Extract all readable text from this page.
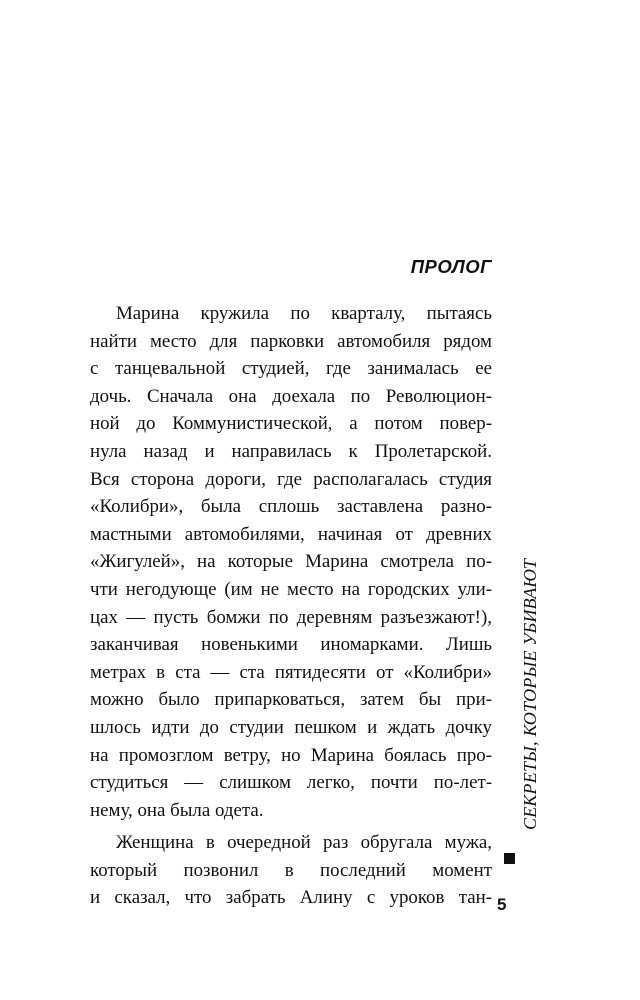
ПРОЛОГ
Марина кружила по кварталу, пытаясь
найти место для парковки автомобиля рядом
с танцевальной студией, где занималась ее
дочь. Сначала она доехала по Революцион-
ной до Коммунистической, а потом повер-
нула назад и направилась к Пролетарской.
Вся сторона дороги, где располагалась студия
«Колибри», была сплошь заставлена разно-
мастными автомобилями, начиная от древних
«Жигулей», на которые Марина смотрела по-
чти негодующе (им не место на городских ули-
цах — пусть бомжи по деревням разъезжают!),
заканчивая новенькими иномарками. Лишь
метрах в ста — ста пятидесяти от «Колибри»
можно было припарковаться, затем бы при-
шлось идти до студии пешком и ждать дочку
на промозглом ветру, но Марина боялась про-
студиться — слишком легко, почти по-лет-
нему, она была одета.
Женщина в очередной раз обругала мужа,
который позвонил в последний момент
и сказал, что забрать Алину с уроков тан-
СЕКРЕТЫ, КОТОРЫЕ УБИВАЮТ
5
